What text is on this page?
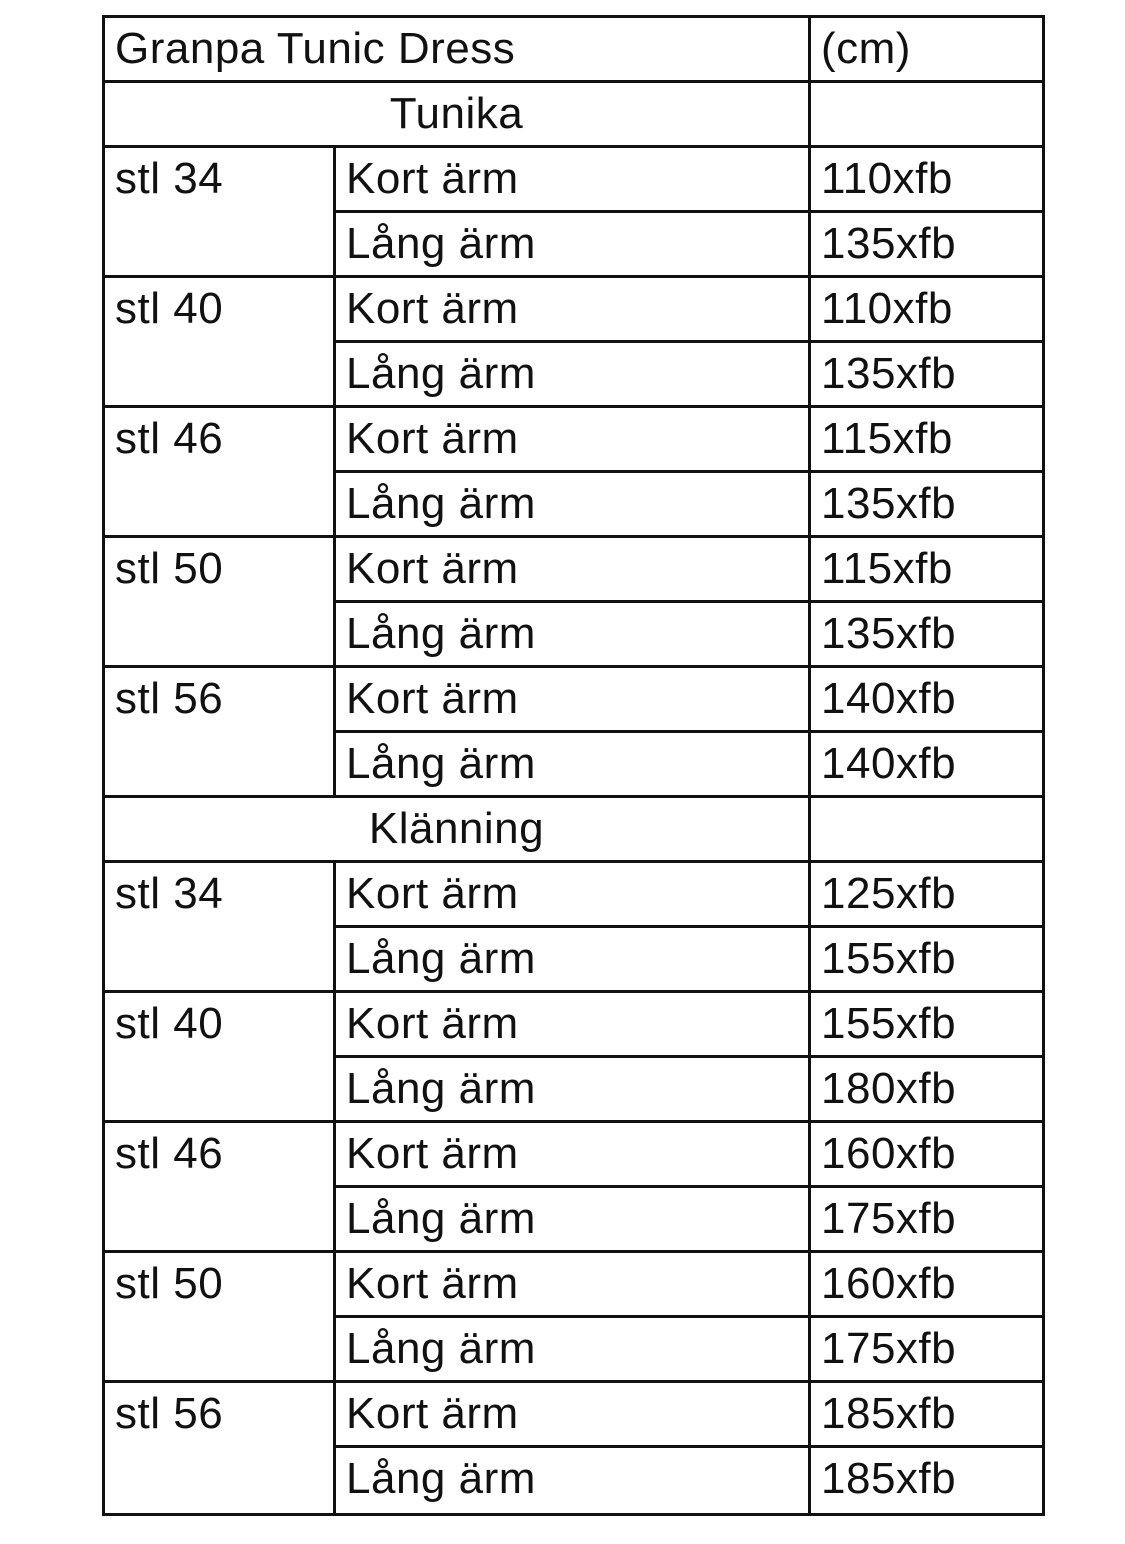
Granpa Tunic Dress	(cm)
Tunika
stl 34	Kort ärm	110xfb
Lång ärm	135xfb
stl 40	Kort ärm	110xfb
Lång ärm	135xfb
stl 46	Kort ärm	115xfb
Lång ärm	135xfb
stl 50	Kort ärm	115xfb
Lång ärm	135xfb
stl 56	Kort ärm	140xfb
Lång ärm	140xfb
Klänning
stl 34	Kort ärm	125xfb
Lång ärm	155xfb
stl 40	Kort ärm	155xfb
Lång ärm	180xfb
stl 46	Kort ärm	160xfb
Lång ärm	175xfb
stl 50	Kort ärm	160xfb
Lång ärm	175xfb
stl 56	Kort ärm	185xfb
Lång ärm	185xfb
